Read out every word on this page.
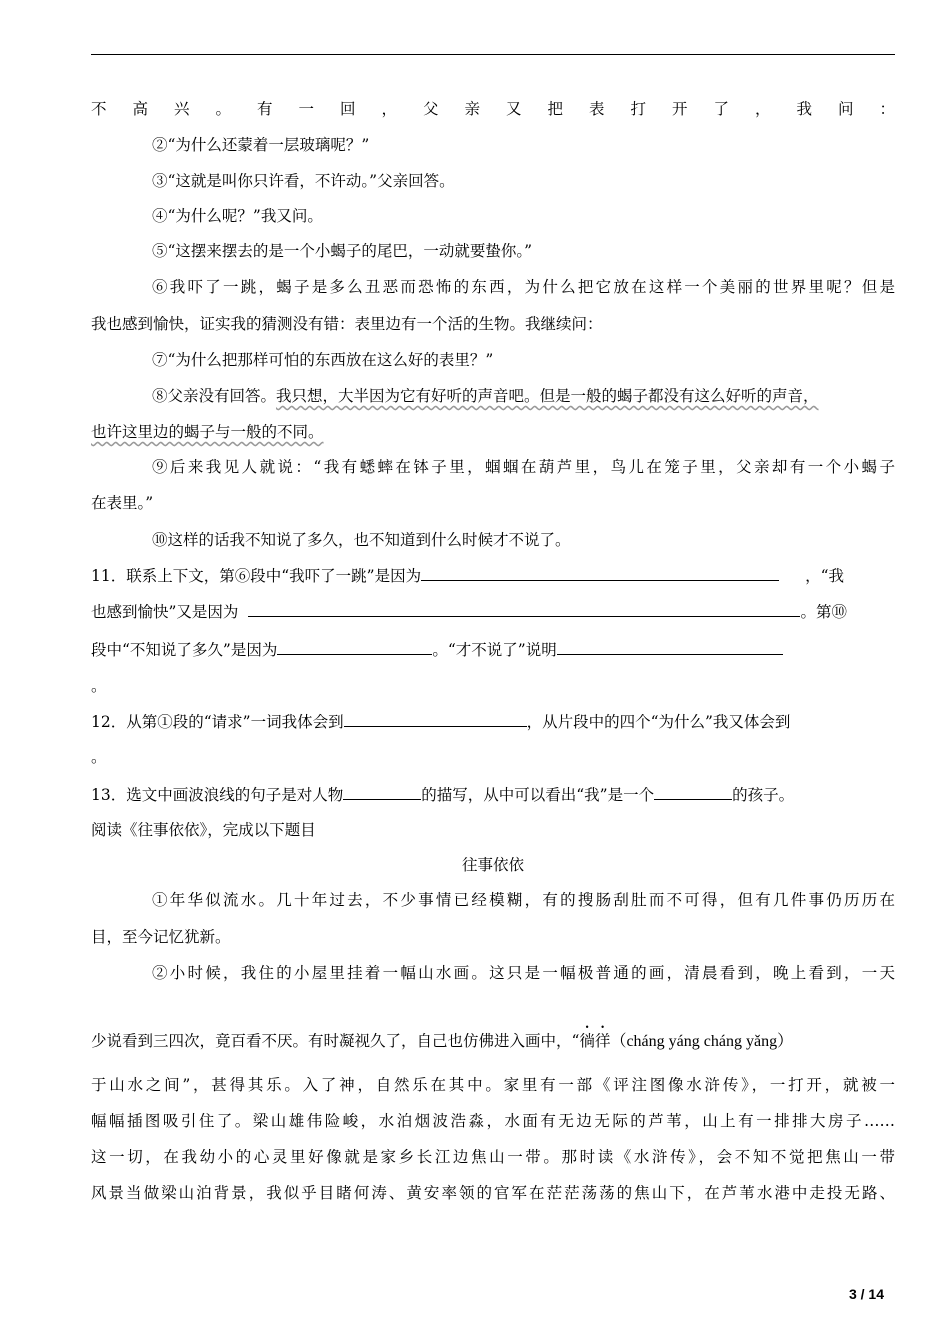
不高兴。有一回，父亲又把表打开了，我问：
②“为什么还蒙着一层玻璃呢？”
③“这就是叫你只许看，不许动。”父亲回答。
④“为什么呢？”我又问。
⑤“这摆来摆去的是一个小蝎子的尾巴，一动就要蛰你。”
⑥我吓了一跳，蝎子是多么丑恶而恐怖的东西，为什么把它放在这样一个美丽的世界里呢？但是
我也感到愉快，证实我的猜测没有错：表里边有一个活的生物。我继续问：
⑦“为什么把那样可怕的东西放在这么好的表里？”
⑧父亲没有回答。我只想，大半因为它有好听的声音吧。但是一般的蝎子都没有这么好听的声音，
也许这里边的蝎子与一般的不同。
⑨后来我见人就说：“我有蟋蟀在钵子里，蝈蝈在葫芦里，鸟儿在笼子里，父亲却有一个小蝎子
在表里。”
⑩这样的话我不知说了多久，也不知道到什么时候才不说了。
11．联系上下文，第⑥段中“我吓了一跳”是因为	，“我
也感到愉快”又是因为	。第⑩
段中“不知说了多久”是因为	。“才不说了”说明
。
12．从第①段的“请求”一词我体会到	，从片段中的四个“为什么”我又体会到
。
13．选文中画波浪线的句子是对人物	的描写，从中可以看出“我”是一个	的孩子。
阅读《往事依依》，完成以下题目
往事依依
①年华似流水。几十年过去，不少事情已经模糊，有的搜肠刮肚而不可得，但有几件事仍历历在
目，至今记忆犹新。
②小时候，我住的小屋里挂着一幅山水画。这只是一幅极普通的画，清晨看到，晚上看到，一天
少说看到三四次，竟百看不厌。有时凝视久了，自己也仿佛进入画中，“徜徉（cháng yáng cháng yǎng）
于山水之间”，甚得其乐。入了神，自然乐在其中。家里有一部《评注图像水浒传》，一打开，就被一
幅幅插图吸引住了。梁山雄伟险峻，水泊烟波浩淼，水面有无边无际的芦苇，山上有一排排大房子……
这一切，在我幼小的心灵里好像就是家乡长江边焦山一带。那时读《水浒传》，会不知不觉把焦山一带
风景当做梁山泊背景，我似乎目睹何涛、黄安率领的官军在茫茫荡荡的焦山下，在芦苇水港中走投无路、
3 / 14
